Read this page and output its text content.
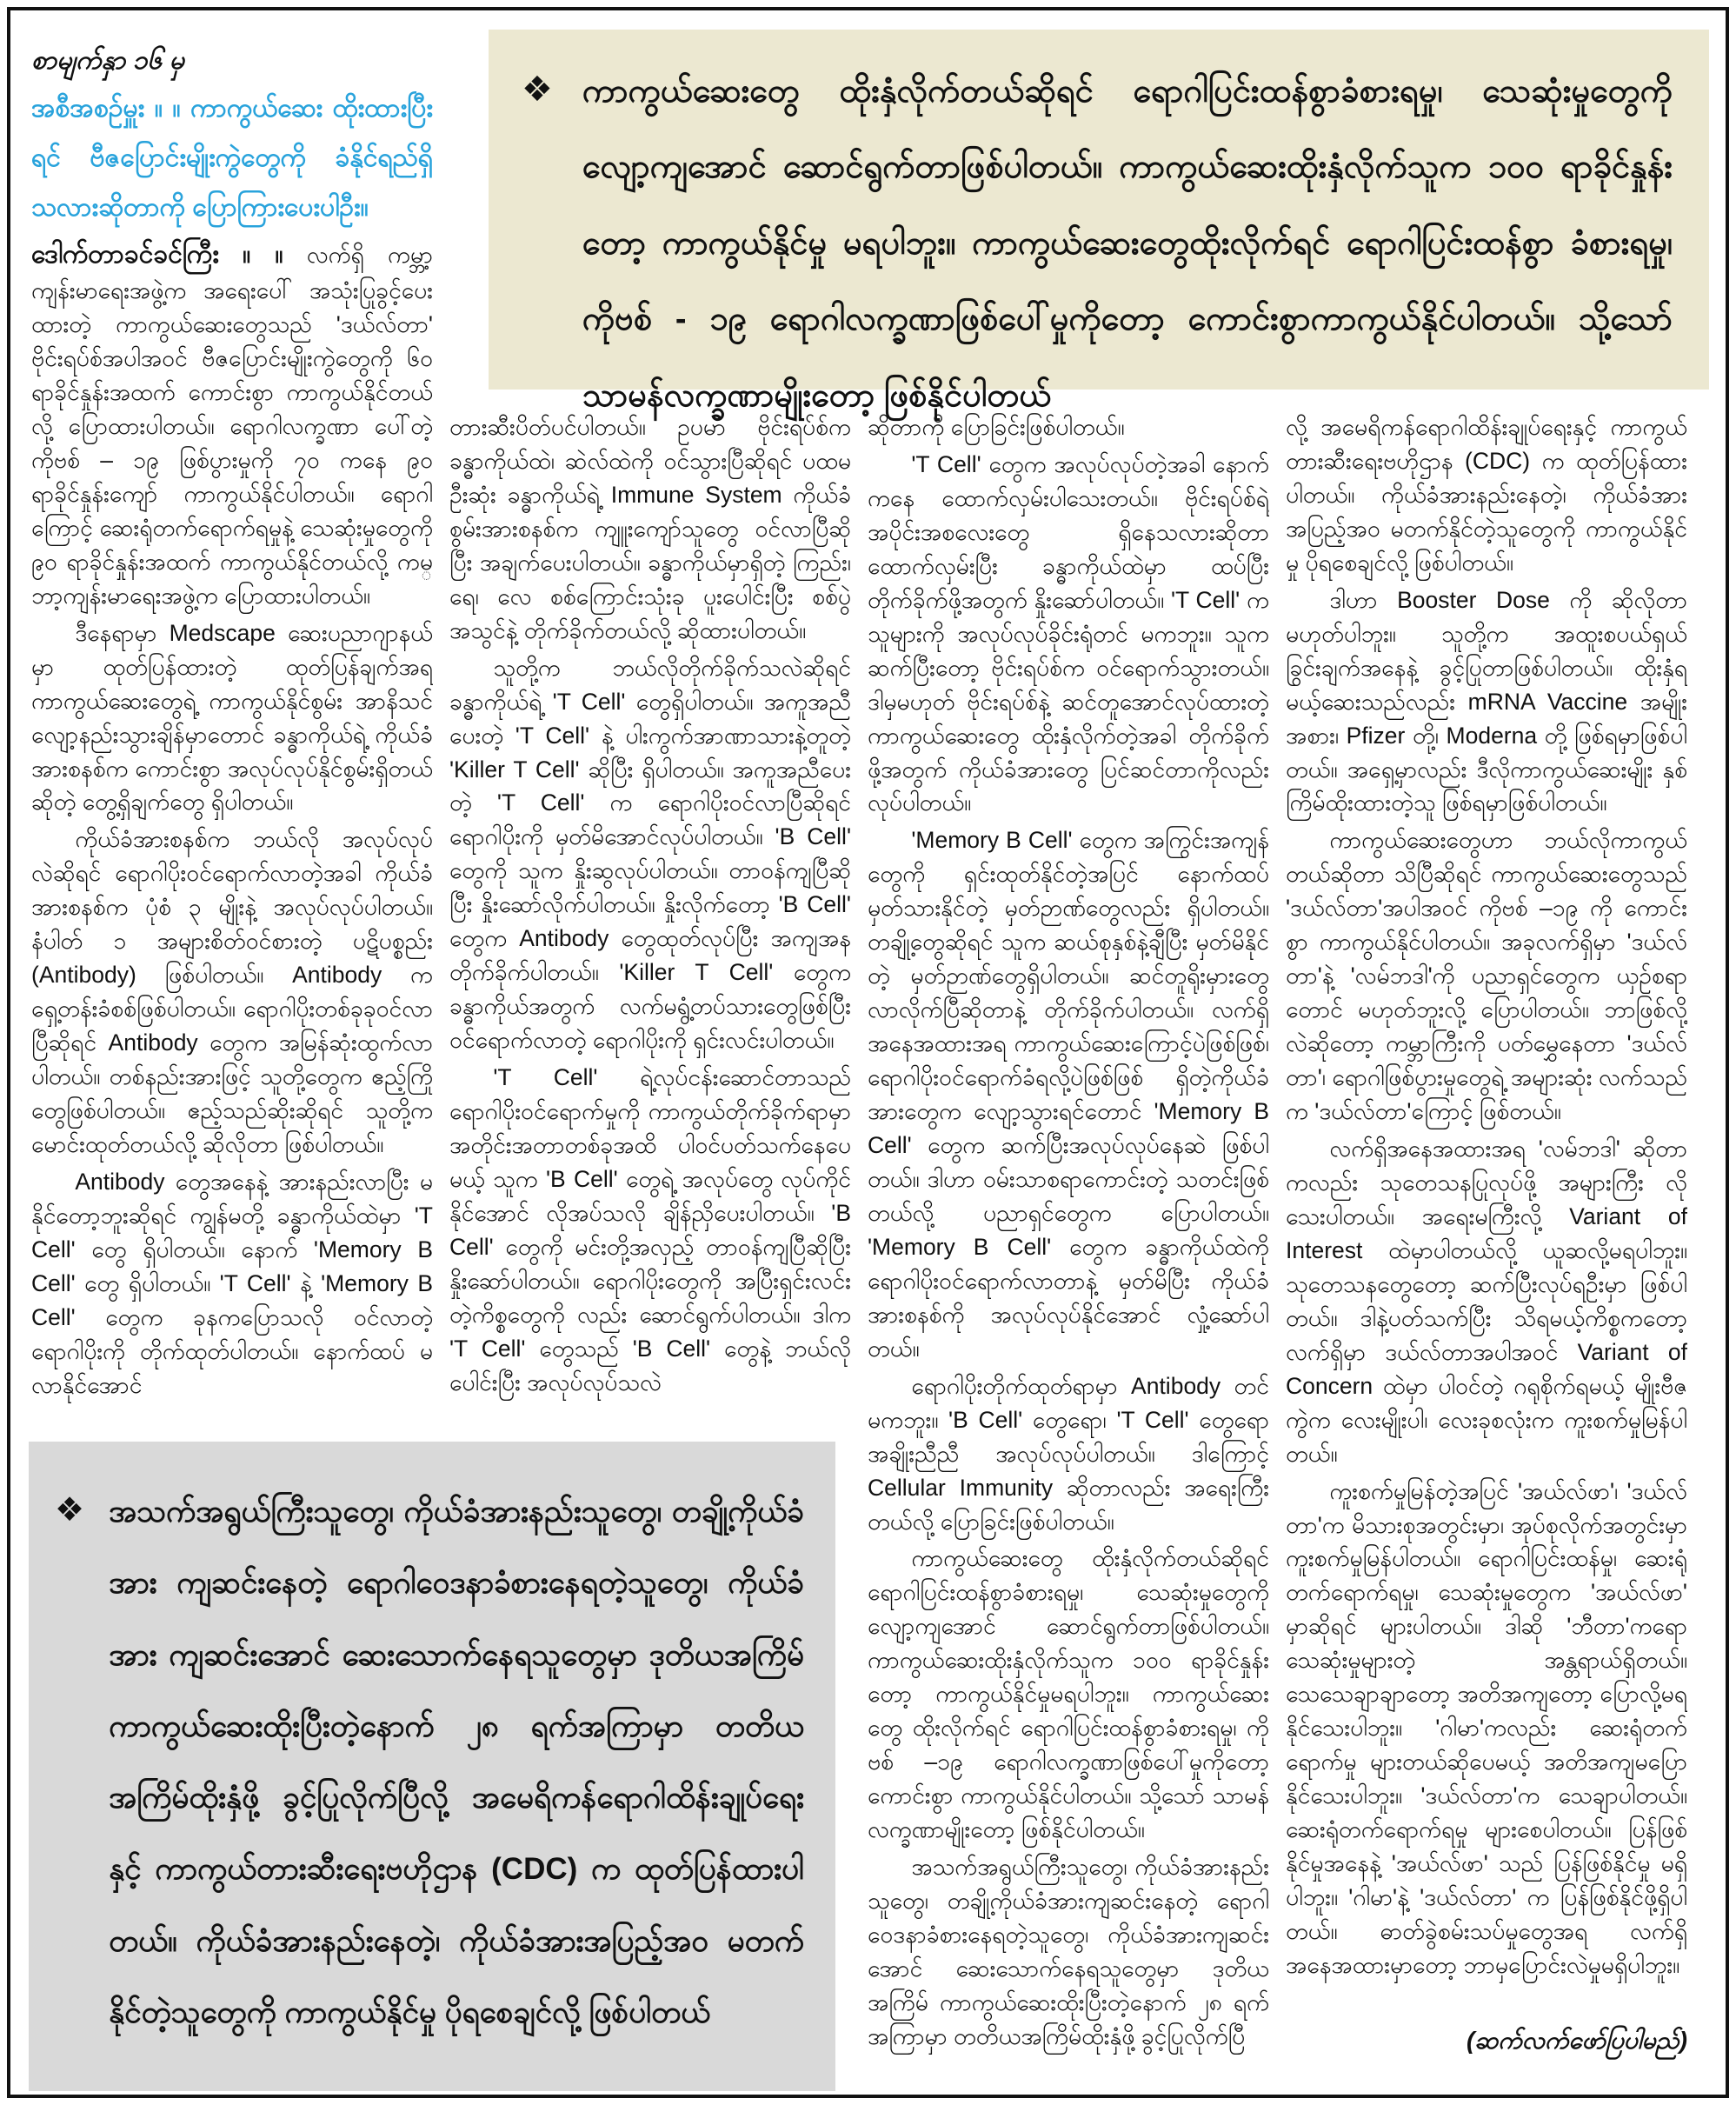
❖ ကာကွယ်ဆေးတွေ ထိုးနှံလိုက်တယ်ဆိုရင် ရောဂါပြင်းထန်စွာခံစားရမှု၊ သေဆုံးမှုတွေကို လျော့ကျအောင် ဆောင်ရွက်တာဖြစ်ပါတယ်။ ကာကွယ်ဆေးထိုးနှံလိုက်သူက ၁၀၀ ရာခိုင်နှုန်းတော့ ကာကွယ်နိုင်မှု မရပါဘူး။ ကာကွယ်ဆေးတွေထိုးလိုက်ရင် ရောဂါပြင်းထန်စွာ ခံစားရမှု၊ ကိုဗစ် - ၁၉ ရောဂါလက္ခဏာဖြစ်ပေါ်မှုကိုတော့ ကောင်းစွာကာကွယ်နိုင်ပါတယ်။ သို့သော် သာမန်လက္ခဏာမျိုးတော့ ဖြစ်နိုင်ပါတယ်

စာမျက်နှာ ၁၆ မှ

အစီအစဉ်မှူး ။ ။ ကာကွယ်ဆေး ထိုးထားပြီးရင် ဗီဇပြောင်းမျိုးကွဲတွေကို ခံနိုင်ရည်ရှိသလားဆိုတာကို ပြောကြားပေးပါဦး။

ဒေါက်တာခင်ခင်ကြီး ။ ။ လက်ရှိ ကမ္ဘာ့ကျန်းမာရေးအဖွဲ့က အရေးပေါ် အသုံးပြုခွင့်ပေးထားတဲ့ ကာကွယ်ဆေးတွေသည် 'ဒယ်လ်တာ' ဗိုင်းရပ်စ်အပါအဝင် ဗီဇပြောင်းမျိုးကွဲတွေကို ၆၀ ရာခိုင်နှုန်းအထက် ကောင်းစွာ ကာကွယ်နိုင်တယ်လို့ ပြောထားပါတယ်။ ရောဂါလက္ခဏာ ပေါ်တဲ့ ကိုဗစ် – ၁၉ ဖြစ်ပွားမှုကို ၇၀ ကနေ ၉၀ ရာခိုင်နှုန်းကျော် ကာကွယ်နိုင်ပါတယ်။ ရောဂါကြောင့် ဆေးရုံတက်ရောက်ရမှုနဲ့ သေဆုံးမှုတွေကို ၉၀ ရာခိုင်နှုန်းအထက် ကာကွယ်နိုင်တယ်လို့ ကမ္ဘာ့ကျန်းမာရေးအဖွဲ့က ပြောထားပါတယ်။

ဒီနေရာမှာ Medscape ဆေးပညာဂျာနယ်မှာ ထုတ်ပြန်ထားတဲ့ ထုတ်ပြန်ချက်အရ ကာကွယ်ဆေးတွေရဲ့ ကာကွယ်နိုင်စွမ်း အာနိသင်လျော့နည်းသွားချိန်မှာတောင် ခန္ဓာကိုယ်ရဲ့ ကိုယ်ခံအားစနစ်က ကောင်းစွာ အလုပ်လုပ်နိုင်စွမ်းရှိတယ်ဆိုတဲ့ တွေ့ရှိချက်တွေ ရှိပါတယ်။

ကိုယ်ခံအားစနစ်က ဘယ်လို အလုပ်လုပ်လဲဆိုရင် ရောဂါပိုးဝင်ရောက်လာတဲ့အခါ ကိုယ်ခံအားစနစ်က ပုံစံ ၃ မျိုးနဲ့ အလုပ်လုပ်ပါတယ်။ နံပါတ် ၁ အများစိတ်ဝင်စားတဲ့ ပဋိပစ္စည်း (Antibody) ဖြစ်ပါတယ်။ Antibody က ရှေ့တန်းခံစစ်ဖြစ်ပါတယ်။ ရောဂါပိုးတစ်ခုခုဝင်လာပြီဆိုရင် Antibody တွေက အမြန်ဆုံးထွက်လာပါတယ်။ တစ်နည်းအားဖြင့် သူတို့တွေက ဧည့်ကြိုတွေဖြစ်ပါတယ်။ ဧည့်သည်ဆိုးဆိုရင် သူတို့က မောင်းထုတ်တယ်လို့ ဆိုလိုတာ ဖြစ်ပါတယ်။

Antibody တွေအနေနဲ့ အားနည်းလာပြီး မနိုင်တော့ဘူးဆိုရင် ကျွန်မတို့ ခန္ဓာကိုယ်ထဲမှာ 'T Cell' တွေ ရှိပါတယ်။ နောက် 'Memory B Cell' တွေ ရှိပါတယ်။ 'T Cell' နဲ့ 'Memory B Cell' တွေက ခုနကပြောသလို ဝင်လာတဲ့ရောဂါပိုးကို တိုက်ထုတ်ပါတယ်။ နောက်ထပ် မလာနိုင်အောင်

တားဆီးပိတ်ပင်ပါတယ်။ ဥပမာ ဗိုင်းရပ်စ်က ခန္ဓာကိုယ်ထဲ၊ ဆဲလ်ထဲကို ဝင်သွားပြီဆိုရင် ပထမဦးဆုံး ခန္ဓာကိုယ်ရဲ့ Immune System ကိုယ်ခံစွမ်းအားစနစ်က ကျူးကျော်သူတွေ ဝင်လာပြီဆိုပြီး အချက်ပေးပါတယ်။ ခန္ဓာကိုယ်မှာရှိတဲ့ ကြည်း၊ ရေ၊ လေ စစ်ကြောင်းသုံးခု ပူးပေါင်းပြီး စစ်ပွဲအသွင်နဲ့ တိုက်ခိုက်တယ်လို့ ဆိုထားပါတယ်။

သူတို့က ဘယ်လိုတိုက်ခိုက်သလဲဆိုရင် ခန္ဓာကိုယ်ရဲ့ 'T Cell' တွေရှိပါတယ်။ အကူအညီပေးတဲ့ 'T Cell' နဲ့ ပါးကွက်အာဏာသားနဲ့တူတဲ့ 'Killer T Cell' ဆိုပြီး ရှိပါတယ်။ အကူအညီပေးတဲ့ 'T Cell' က ရောဂါပိုးဝင်လာပြီဆိုရင် ရောဂါပိုးကို မှတ်မိအောင်လုပ်ပါတယ်။ 'B Cell' တွေကို သူက နှိုးဆွလုပ်ပါတယ်။ တာဝန်ကျပြီဆိုပြီး နှိုးဆော်လိုက်ပါတယ်။ နှိုးလိုက်တော့ 'B Cell' တွေက Antibody တွေထုတ်လုပ်ပြီး အကျအန တိုက်ခိုက်ပါတယ်။ 'Killer T Cell' တွေက ခန္ဓာကိုယ်အတွက် လက်မရွံ့တပ်သားတွေဖြစ်ပြီး ဝင်ရောက်လာတဲ့ ရောဂါပိုးကို ရှင်းလင်းပါတယ်။

'T Cell' ရဲ့လုပ်ငန်းဆောင်တာသည် ရောဂါပိုးဝင်ရောက်မှုကို ကာကွယ်တိုက်ခိုက်ရာမှာ အတိုင်းအတာတစ်ခုအထိ ပါဝင်ပတ်သက်နေပေမယ့် သူက 'B Cell' တွေရဲ့ အလုပ်တွေ လုပ်ကိုင်နိုင်အောင် လိုအပ်သလို ချိန်ညှိပေးပါတယ်။ 'B Cell' တွေကို မင်းတို့အလှည့် တာဝန်ကျပြီဆိုပြီး နှိုးဆော်ပါတယ်။ ရောဂါပိုးတွေကို အပြီးရှင်းလင်းတဲ့ကိစ္စတွေကို လည်း ဆောင်ရွက်ပါတယ်။ ဒါက 'T Cell' တွေသည် 'B Cell' တွေနဲ့ ဘယ်လိုပေါင်းပြီး အလုပ်လုပ်သလဲ

ဆိုတာကို ပြောခြင်းဖြစ်ပါတယ်။

'T Cell' တွေက အလုပ်လုပ်တဲ့အခါ နောက်ကနေ ထောက်လှမ်းပါသေးတယ်။ ဗိုင်းရပ်စ်ရဲ့ အပိုင်းအစလေးတွေ ရှိနေသလားဆိုတာ ထောက်လှမ်းပြီး ခန္ဓာကိုယ်ထဲမှာ ထပ်ပြီးတိုက်ခိုက်ဖို့အတွက် နှိုးဆော်ပါတယ်။ 'T Cell' က သူများကို အလုပ်လုပ်ခိုင်းရုံတင် မကဘူး။ သူက ဆက်ပြီးတော့ ဗိုင်းရပ်စ်က ဝင်ရောက်သွားတယ်။ ဒါမှမဟုတ် ဗိုင်းရပ်စ်နဲ့ ဆင်တူအောင်လုပ်ထားတဲ့ ကာကွယ်ဆေးတွေ ထိုးနှံလိုက်တဲ့အခါ တိုက်ခိုက်ဖို့အတွက် ကိုယ်ခံအားတွေ ပြင်ဆင်တာကိုလည်း လုပ်ပါတယ်။

'Memory B Cell' တွေက အကြွင်းအကျန်တွေကို ရှင်းထုတ်နိုင်တဲ့အပြင် နောက်ထပ် မှတ်သားနိုင်တဲ့ မှတ်ဉာဏ်တွေလည်း ရှိပါတယ်။ တချို့တွေဆိုရင် သူက ဆယ်စုနှစ်နဲ့ချီပြီး မှတ်မိနိုင်တဲ့ မှတ်ဉာဏ်တွေရှိပါတယ်။ ဆင်တူရိုးမှားတွေ လာလိုက်ပြီဆိုတာနဲ့ တိုက်ခိုက်ပါတယ်။ လက်ရှိအနေအထားအရ ကာကွယ်ဆေးကြောင့်ပဲဖြစ်ဖြစ်၊ ရောဂါပိုးဝင်ရောက်ခံရလို့ပဲဖြစ်ဖြစ် ရှိတဲ့ကိုယ်ခံအားတွေက လျော့သွားရင်တောင် 'Memory B Cell' တွေက ဆက်ပြီးအလုပ်လုပ်နေဆဲ ဖြစ်ပါတယ်။ ဒါဟာ ဝမ်းသာစရာကောင်းတဲ့ သတင်းဖြစ်တယ်လို့ ပညာရှင်တွေက ပြောပါတယ်။ 'Memory B Cell' တွေက ခန္ဓာကိုယ်ထဲကို ရောဂါပိုးဝင်ရောက်လာတာနဲ့ မှတ်မိပြီး ကိုယ်ခံအားစနစ်ကို အလုပ်လုပ်နိုင်အောင် လှုံ့ဆော်ပါတယ်။

ရောဂါပိုးတိုက်ထုတ်ရာမှာ Antibody တင်မကဘူး။ 'B Cell' တွေရော၊ 'T Cell' တွေရော အချိုးညီညီ အလုပ်လုပ်ပါတယ်။ ဒါကြောင့် Cellular Immunity ဆိုတာလည်း အရေးကြီးတယ်လို့ ပြောခြင်းဖြစ်ပါတယ်။

ကာကွယ်ဆေးတွေ ထိုးနှံလိုက်တယ်ဆိုရင် ရောဂါပြင်းထန်စွာခံစားရမှု၊ သေဆုံးမှုတွေကို လျော့ကျအောင် ဆောင်ရွက်တာဖြစ်ပါတယ်။ ကာကွယ်ဆေးထိုးနှံလိုက်သူက ၁၀၀ ရာခိုင်နှုန်းတော့ ကာကွယ်နိုင်မှုမရပါဘူး။ ကာကွယ်ဆေးတွေ ထိုးလိုက်ရင် ရောဂါပြင်းထန်စွာခံစားရမှု၊ ကိုဗစ် –၁၉ ရောဂါလက္ခဏာဖြစ်ပေါ်မှုကိုတော့ ကောင်းစွာ ကာကွယ်နိုင်ပါတယ်။ သို့သော် သာမန်လက္ခဏာမျိုးတော့ ဖြစ်နိုင်ပါတယ်။

အသက်အရွယ်ကြီးသူတွေ၊ ကိုယ်ခံအားနည်းသူတွေ၊ တချို့ကိုယ်ခံအားကျဆင်းနေတဲ့ ရောဂါဝေဒနာခံစားနေရတဲ့သူတွေ၊ ကိုယ်ခံအားကျဆင်းအောင် ဆေးသောက်နေရသူတွေမှာ ဒုတိယအကြိမ် ကာကွယ်ဆေးထိုးပြီးတဲ့နောက် ၂၈ ရက်အကြာမှာ တတိယအကြိမ်ထိုးနှံဖို့ ခွင့်ပြုလိုက်ပြီ

လို့ အမေရိကန်ရောဂါထိန်းချုပ်ရေးနှင့် ကာကွယ်တားဆီးရေးဗဟိုဌာန (CDC) က ထုတ်ပြန်ထားပါတယ်။ ကိုယ်ခံအားနည်းနေတဲ့၊ ကိုယ်ခံအားအပြည့်အဝ မတက်နိုင်တဲ့သူတွေကို ကာကွယ်နိုင်မှု ပိုရစေချင်လို့ ဖြစ်ပါတယ်။

ဒါဟာ Booster Dose ကို ဆိုလိုတာမဟုတ်ပါဘူး။ သူတို့က အထူးစပယ်ရှယ် ခြွင်းချက်အနေနဲ့ ခွင့်ပြုတာဖြစ်ပါတယ်။ ထိုးနှံရမယ့်ဆေးသည်လည်း mRNA Vaccine အမျိုးအစား၊ Pfizer တို့၊ Moderna တို့ ဖြစ်ရမှာဖြစ်ပါတယ်။ အရှေ့မှာလည်း ဒီလိုကာကွယ်ဆေးမျိုး နှစ်ကြိမ်ထိုးထားတဲ့သူ ဖြစ်ရမှာဖြစ်ပါတယ်။

ကာကွယ်ဆေးတွေဟာ ဘယ်လိုကာကွယ်တယ်ဆိုတာ သိပြီဆိုရင် ကာကွယ်ဆေးတွေသည် 'ဒယ်လ်တာ'အပါအဝင် ကိုဗစ် –၁၉ ကို ကောင်းစွာ ကာကွယ်နိုင်ပါတယ်။ အခုလက်ရှိမှာ 'ဒယ်လ်တာ'နဲ့ 'လမ်ဘဒါ'ကို ပညာရှင်တွေက ယှဉ်စရာတောင် မဟုတ်ဘူးလို့ ပြောပါတယ်။ ဘာဖြစ်လို့လဲဆိုတော့ ကမ္ဘာကြီးကို ပတ်မွှေနေတာ 'ဒယ်လ်တာ'၊ ရောဂါဖြစ်ပွားမှုတွေရဲ့ အများဆုံး လက်သည်က 'ဒယ်လ်တာ'ကြောင့် ဖြစ်တယ်။

လက်ရှိအနေအထားအရ 'လမ်ဘဒါ' ဆိုတာကလည်း သုတေသနပြုလုပ်ဖို့ အများကြီး လိုသေးပါတယ်။ အရေးမကြီးလို့ Variant of Interest ထဲမှာပါတယ်လို့ ယူဆလို့မရပါဘူး။ သုတေသနတွေတော့ ဆက်ပြီးလုပ်ရဦးမှာ ဖြစ်ပါတယ်။ ဒါနဲ့ပတ်သက်ပြီး သိရမယ့်ကိစ္စကတော့ လက်ရှိမှာ ဒယ်လ်တာအပါအဝင် Variant of Concern ထဲမှာ ပါဝင်တဲ့ ဂရုစိုက်ရမယ့် မျိုးဗီဇကွဲက လေးမျိုးပါ၊ လေးခုစလုံးက ကူးစက်မှုမြန်ပါတယ်။

ကူးစက်မှုမြန်တဲ့အပြင် 'အယ်လ်ဖာ'၊ 'ဒယ်လ်တာ'က မိသားစုအတွင်းမှာ၊ အုပ်စုလိုက်အတွင်းမှာ ကူးစက်မှုမြန်ပါတယ်။ ရောဂါပြင်းထန်မှု၊ ဆေးရုံတက်ရောက်ရမှု၊ သေဆုံးမှုတွေက 'အယ်လ်ဖာ' မှာဆိုရင် များပါတယ်။ ဒါဆို 'ဘီတာ'ကရော သေဆုံးမှုများတဲ့ အန္တရာယ်ရှိတယ်။ သေသေချာချာတော့ အတိအကျတော့ ပြောလို့မရနိုင်သေးပါဘူး။ 'ဂါမာ'ကလည်း ဆေးရုံတက်ရောက်မှု များတယ်ဆိုပေမယ့် အတိအကျမပြောနိုင်သေးပါဘူး။ 'ဒယ်လ်တာ'က သေချာပါတယ်။ ဆေးရုံတက်ရောက်ရမှု များစေပါတယ်။ ပြန်ဖြစ်နိုင်မှုအနေနဲ့ 'အယ်လ်ဖာ' သည် ပြန်ဖြစ်နိုင်မှု မရှိပါဘူး။ 'ဂါမာ'နဲ့ 'ဒယ်လ်တာ' က ပြန်ဖြစ်နိုင်ဖို့ရှိပါတယ်။ ဓာတ်ခွဲစမ်းသပ်မှုတွေအရ လက်ရှိအနေအထားမှာတော့ ဘာမှပြောင်းလဲမှုမရှိပါဘူး။

❖ အသက်အရွယ်ကြီးသူတွေ၊ ကိုယ်ခံအားနည်းသူတွေ၊ တချို့ကိုယ်ခံအား ကျဆင်းနေတဲ့ ရောဂါဝေဒနာခံစားနေရတဲ့သူတွေ၊ ကိုယ်ခံအား ကျဆင်းအောင် ဆေးသောက်နေရသူတွေမှာ ဒုတိယအကြိမ် ကာကွယ်ဆေးထိုးပြီးတဲ့နောက် ၂၈ ရက်အကြာမှာ တတိယအကြိမ်ထိုးနှံဖို့ ခွင့်ပြုလိုက်ပြီလို့ အမေရိကန်ရောဂါထိန်းချုပ်ရေးနှင့် ကာကွယ်တားဆီးရေးဗဟိုဌာန (CDC) က ထုတ်ပြန်ထားပါတယ်။ ကိုယ်ခံအားနည်းနေတဲ့၊ ကိုယ်ခံအားအပြည့်အဝ မတက်နိုင်တဲ့သူတွေကို ကာကွယ်နိုင်မှု ပိုရစေချင်လို့ ဖြစ်ပါတယ်
(ဆက်လက်ဖော်ပြပါမည်)
